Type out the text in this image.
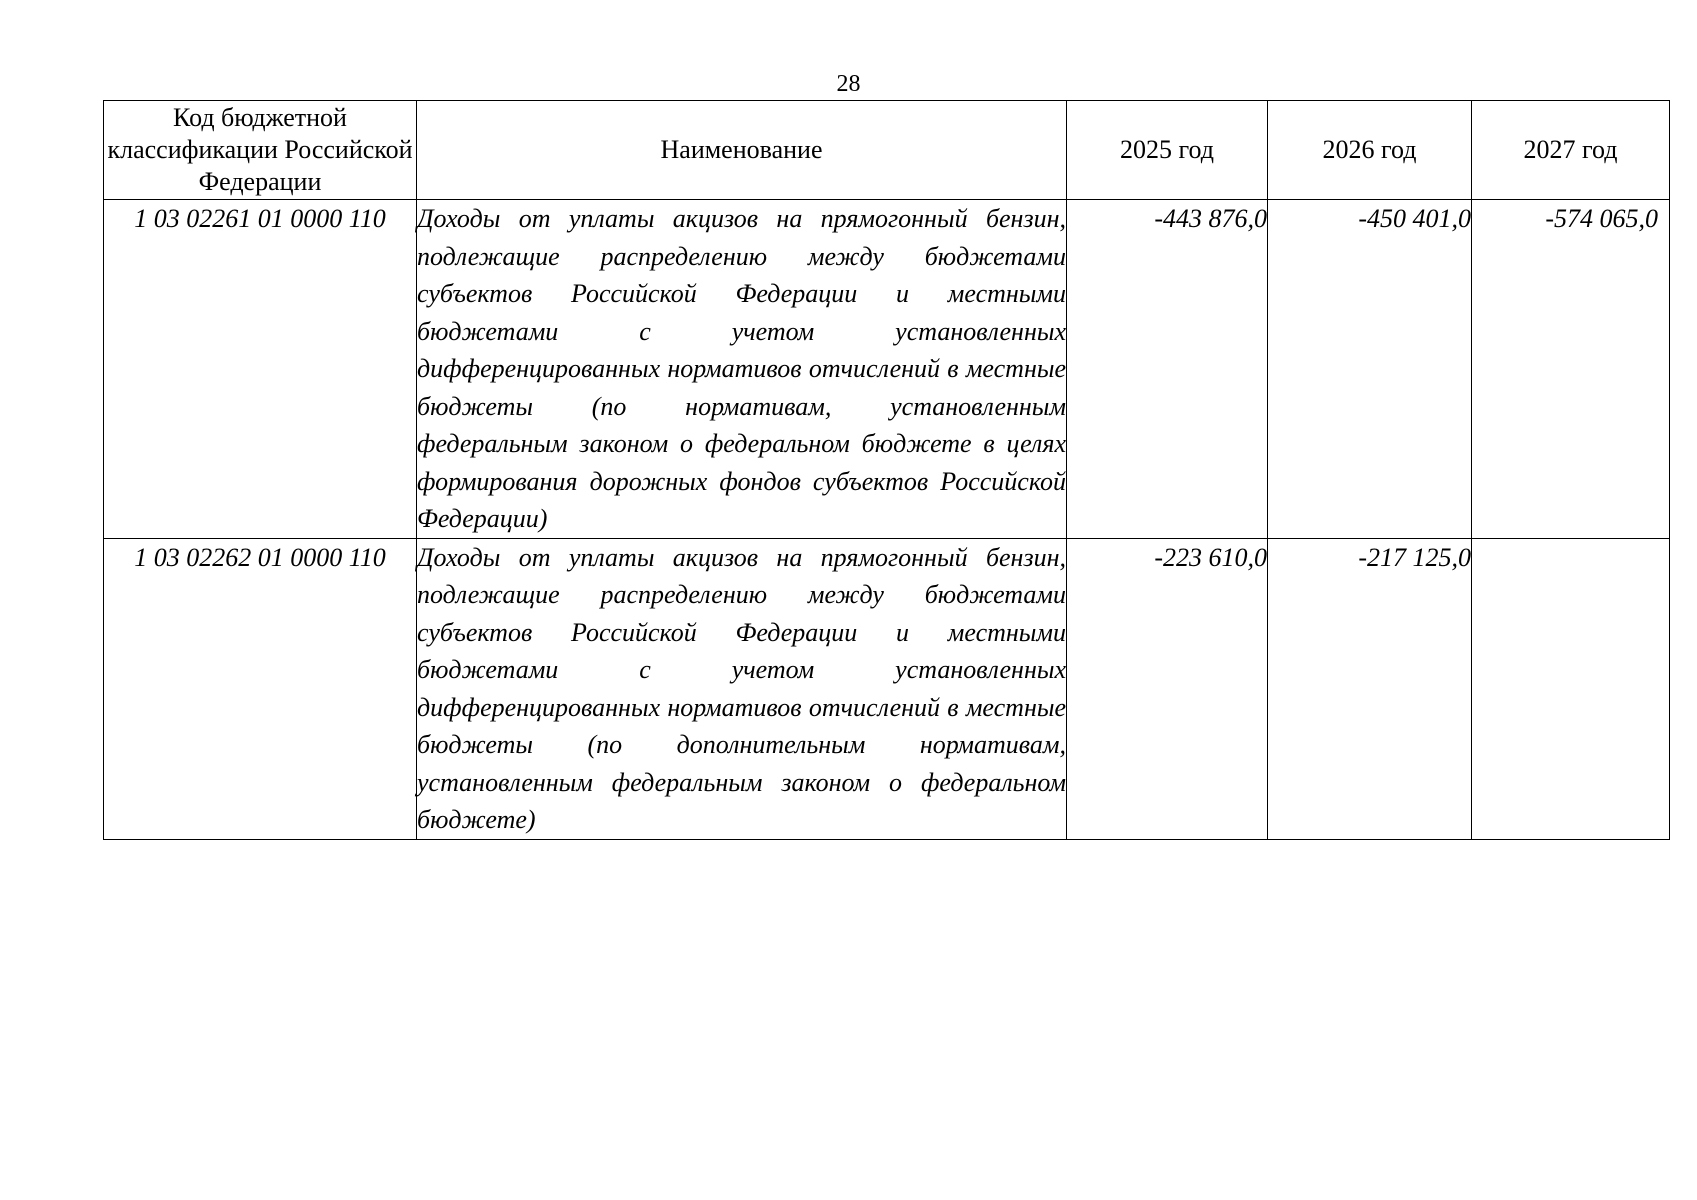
28
Код бюджетной классификации Российской Федерации	Наименование	2025 год	2026 год	2027 год
1 03 02261 01 0000 110	Доходы от уплаты акцизов на прямогонный бензин, подлежащие распределению между бюджетами субъектов Российской Федерации и местными бюджетами с учетом установленных дифференцированных нормативов отчислений в местные бюджеты (по нормативам, установленным федеральным законом о федеральном бюджете в целях формирования дорожных фондов субъектов Российской Федерации)	-443 876,0	-450 401,0	-574 065,0
1 03 02262 01 0000 110	Доходы от уплаты акцизов на прямогонный бензин, подлежащие распределению между бюджетами субъектов Российской Федерации и местными бюджетами с учетом установленных дифференцированных нормативов отчислений в местные бюджеты (по дополнительным нормативам, установленным федеральным законом о федеральном бюджете)	-223 610,0	-217 125,0	
